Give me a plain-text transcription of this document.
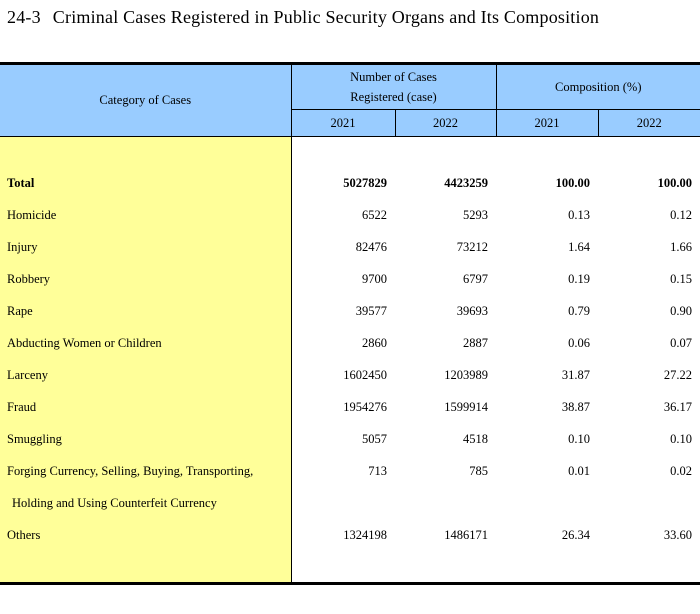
24-3 Criminal Cases Registered in Public Security Organs and Its Composition
Category of Cases	Number of Cases
Registered (case)		Composition (%)	

	2021	2022	2021	2022

Total	5027829	4423259	100.00	100.00
Homicide	6522	5293	0.13	0.12
Injury	82476	73212	1.64	1.66
Robbery	9700	6797	0.19	0.15
Rape	39577	39693	0.79	0.90
Abducting Women or Children	2860	2887	0.06	0.07
Larceny	1602450	1203989	31.87	27.22
Fraud	1954276	1599914	38.87	36.17
Smuggling	5057	4518	0.10	0.10

Forging Currency, Selling, Buying, Transporting,
Holding and Using Counterfeit Currency	713	785	0.01	0.02
Others	1324198	1486171	26.34	33.60
